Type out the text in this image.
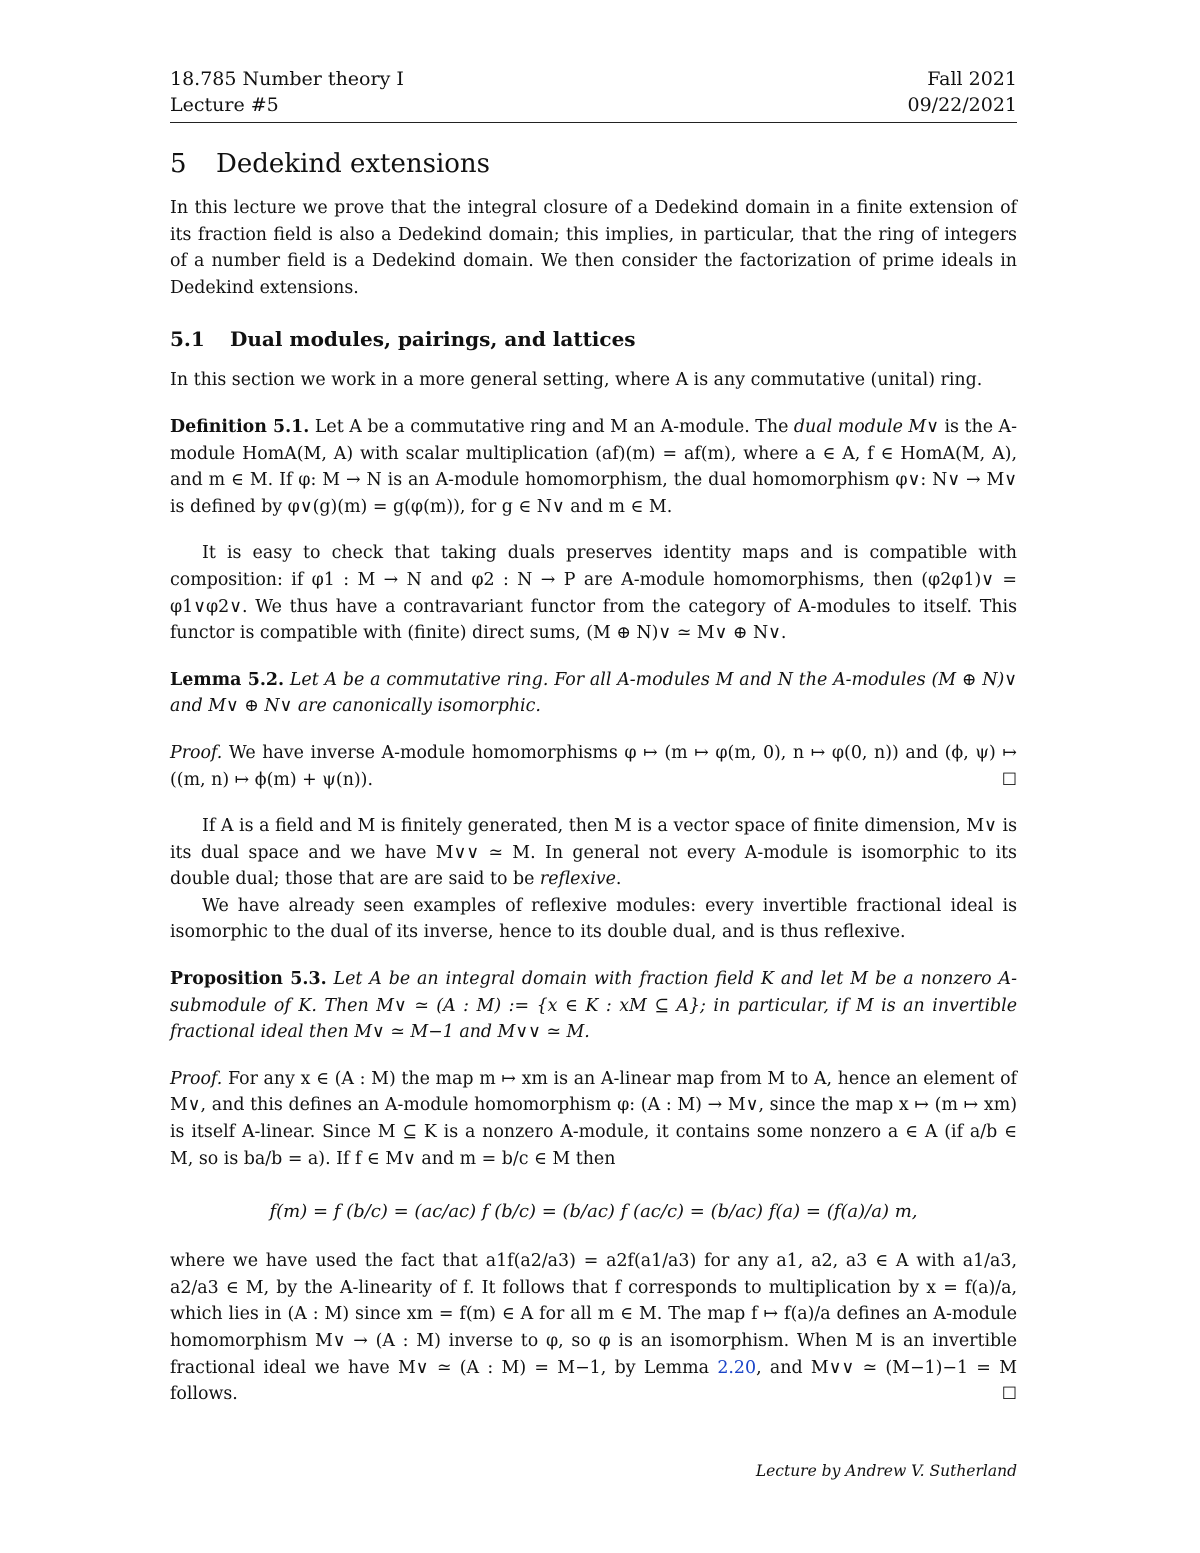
18.785 Number theory I	Fall 2021
Lecture #5	09/22/2021
5 Dedekind extensions

In this lecture we prove that the integral closure of a Dedekind domain in a finite extension of its fraction field is also a Dedekind domain; this implies, in particular, that the ring of integers of a number field is a Dedekind domain. We then consider the factorization of prime ideals in Dedekind extensions.

5.1 Dual modules, pairings, and lattices

In this section we work in a more general setting, where A is any commutative (unital) ring.

Definition 5.1. Let A be a commutative ring and M an A-module. The dual module M∨ is the A-module HomA(M, A) with scalar multiplication (af)(m) = af(m), where a ∈ A, f ∈ HomA(M, A), and m ∈ M. If φ: M → N is an A-module homomorphism, the dual homomorphism φ∨: N∨ → M∨ is defined by φ∨(g)(m) = g(φ(m)), for g ∈ N∨ and m ∈ M.

It is easy to check that taking duals preserves identity maps and is compatible with composition: if φ1 : M → N and φ2 : N → P are A-module homomorphisms, then (φ2φ1)∨ = φ1∨φ2∨. We thus have a contravariant functor from the category of A-modules to itself. This functor is compatible with (finite) direct sums, (M ⊕ N)∨ ≃ M∨ ⊕ N∨.

Lemma 5.2. Let A be a commutative ring. For all A-modules M and N the A-modules (M ⊕ N)∨ and M∨ ⊕ N∨ are canonically isomorphic.

Proof. We have inverse A-module homomorphisms φ ↦ (m ↦ φ(m, 0), n ↦ φ(0, n)) and (ϕ, ψ) ↦ ((m, n) ↦ ϕ(m) + ψ(n)).	☐

If A is a field and M is finitely generated, then M is a vector space of finite dimension, M∨ is its dual space and we have M∨∨ ≃ M. In general not every A-module is isomorphic to its double dual; those that are are said to be reflexive.

We have already seen examples of reflexive modules: every invertible fractional ideal is isomorphic to the dual of its inverse, hence to its double dual, and is thus reflexive.

Proposition 5.3. Let A be an integral domain with fraction field K and let M be a nonzero A-submodule of K. Then M∨ ≃ (A : M) := {x ∈ K : xM ⊆ A}; in particular, if M is an invertible fractional ideal then M∨ ≃ M−1 and M∨∨ ≃ M.

Proof. For any x ∈ (A : M) the map m ↦ xm is an A-linear map from M to A, hence an element of M∨, and this defines an A-module homomorphism φ: (A : M) → M∨, since the map x ↦ (m ↦ xm) is itself A-linear. Since M ⊆ K is a nonzero A-module, it contains some nonzero a ∈ A (if a/b ∈ M, so is ba/b = a). If f ∈ M∨ and m = b/c ∈ M then

f(m) = f (b/c) = (ac/ac) f (b/c) = (b/ac) f (ac/c) = (b/ac) f(a) = (f(a)/a) m,

where we have used the fact that a1f(a2/a3) = a2f(a1/a3) for any a1, a2, a3 ∈ A with a1/a3, a2/a3 ∈ M, by the A-linearity of f. It follows that f corresponds to multiplication by x = f(a)/a, which lies in (A : M) since xm = f(m) ∈ A for all m ∈ M. The map f ↦ f(a)/a defines an A-module homomorphism M∨ → (A : M) inverse to φ, so φ is an isomorphism. When M is an invertible fractional ideal we have M∨ ≃ (A : M) = M−1, by Lemma 2.20, and M∨∨ ≃ (M−1)−1 = M follows.	☐

Lecture by Andrew V. Sutherland
